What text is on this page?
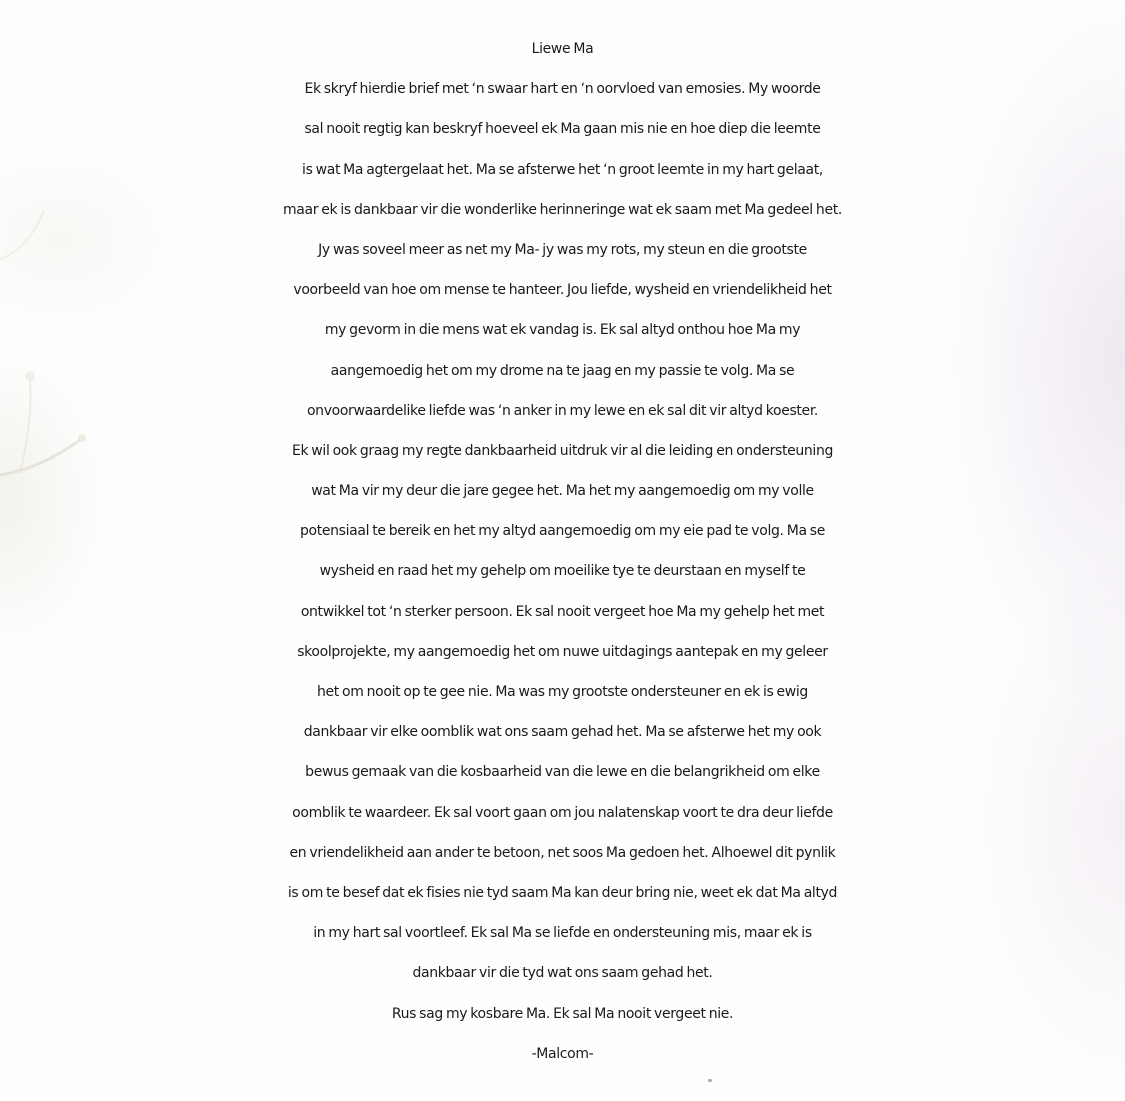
Liewe Ma
Ek skryf hierdie brief met ‘n swaar hart en ‘n oorvloed van emosies. My woorde
sal nooit regtig kan beskryf hoeveel ek Ma gaan mis nie en hoe diep die leemte
is wat Ma agtergelaat het. Ma se afsterwe het ‘n groot leemte in my hart gelaat,
maar ek is dankbaar vir die wonderlike herinneringe wat ek saam met Ma gedeel het.
Jy was soveel meer as net my Ma- jy was my rots, my steun en die grootste
voorbeeld van hoe om mense te hanteer. Jou liefde, wysheid en vriendelikheid het
my gevorm in die mens wat ek vandag is. Ek sal altyd onthou hoe Ma my
aangemoedig het om my drome na te jaag en my passie te volg. Ma se
onvoorwaardelike liefde was ‘n anker in my lewe en ek sal dit vir altyd koester.
Ek wil ook graag my regte dankbaarheid uitdruk vir al die leiding en ondersteuning
wat Ma vir my deur die jare gegee het. Ma het my aangemoedig om my volle
potensiaal te bereik en het my altyd aangemoedig om my eie pad te volg. Ma se
wysheid en raad het my gehelp om moeilike tye te deurstaan en myself te
ontwikkel tot ‘n sterker persoon. Ek sal nooit vergeet hoe Ma my gehelp het met
skoolprojekte, my aangemoedig het om nuwe uitdagings aantepak en my geleer
het om nooit op te gee nie. Ma was my grootste ondersteuner en ek is ewig
dankbaar vir elke oomblik wat ons saam gehad het. Ma se afsterwe het my ook
bewus gemaak van die kosbaarheid van die lewe en die belangrikheid om elke
oomblik te waardeer. Ek sal voort gaan om jou nalatenskap voort te dra deur liefde
en vriendelikheid aan ander te betoon, net soos Ma gedoen het. Alhoewel dit pynlik
is om te besef dat ek fisies nie tyd saam Ma kan deur bring nie, weet ek dat Ma altyd
in my hart sal voortleef. Ek sal Ma se liefde en ondersteuning mis, maar ek is
dankbaar vir die tyd wat ons saam gehad het.
Rus sag my kosbare Ma. Ek sal Ma nooit vergeet nie.
-Malcom-
